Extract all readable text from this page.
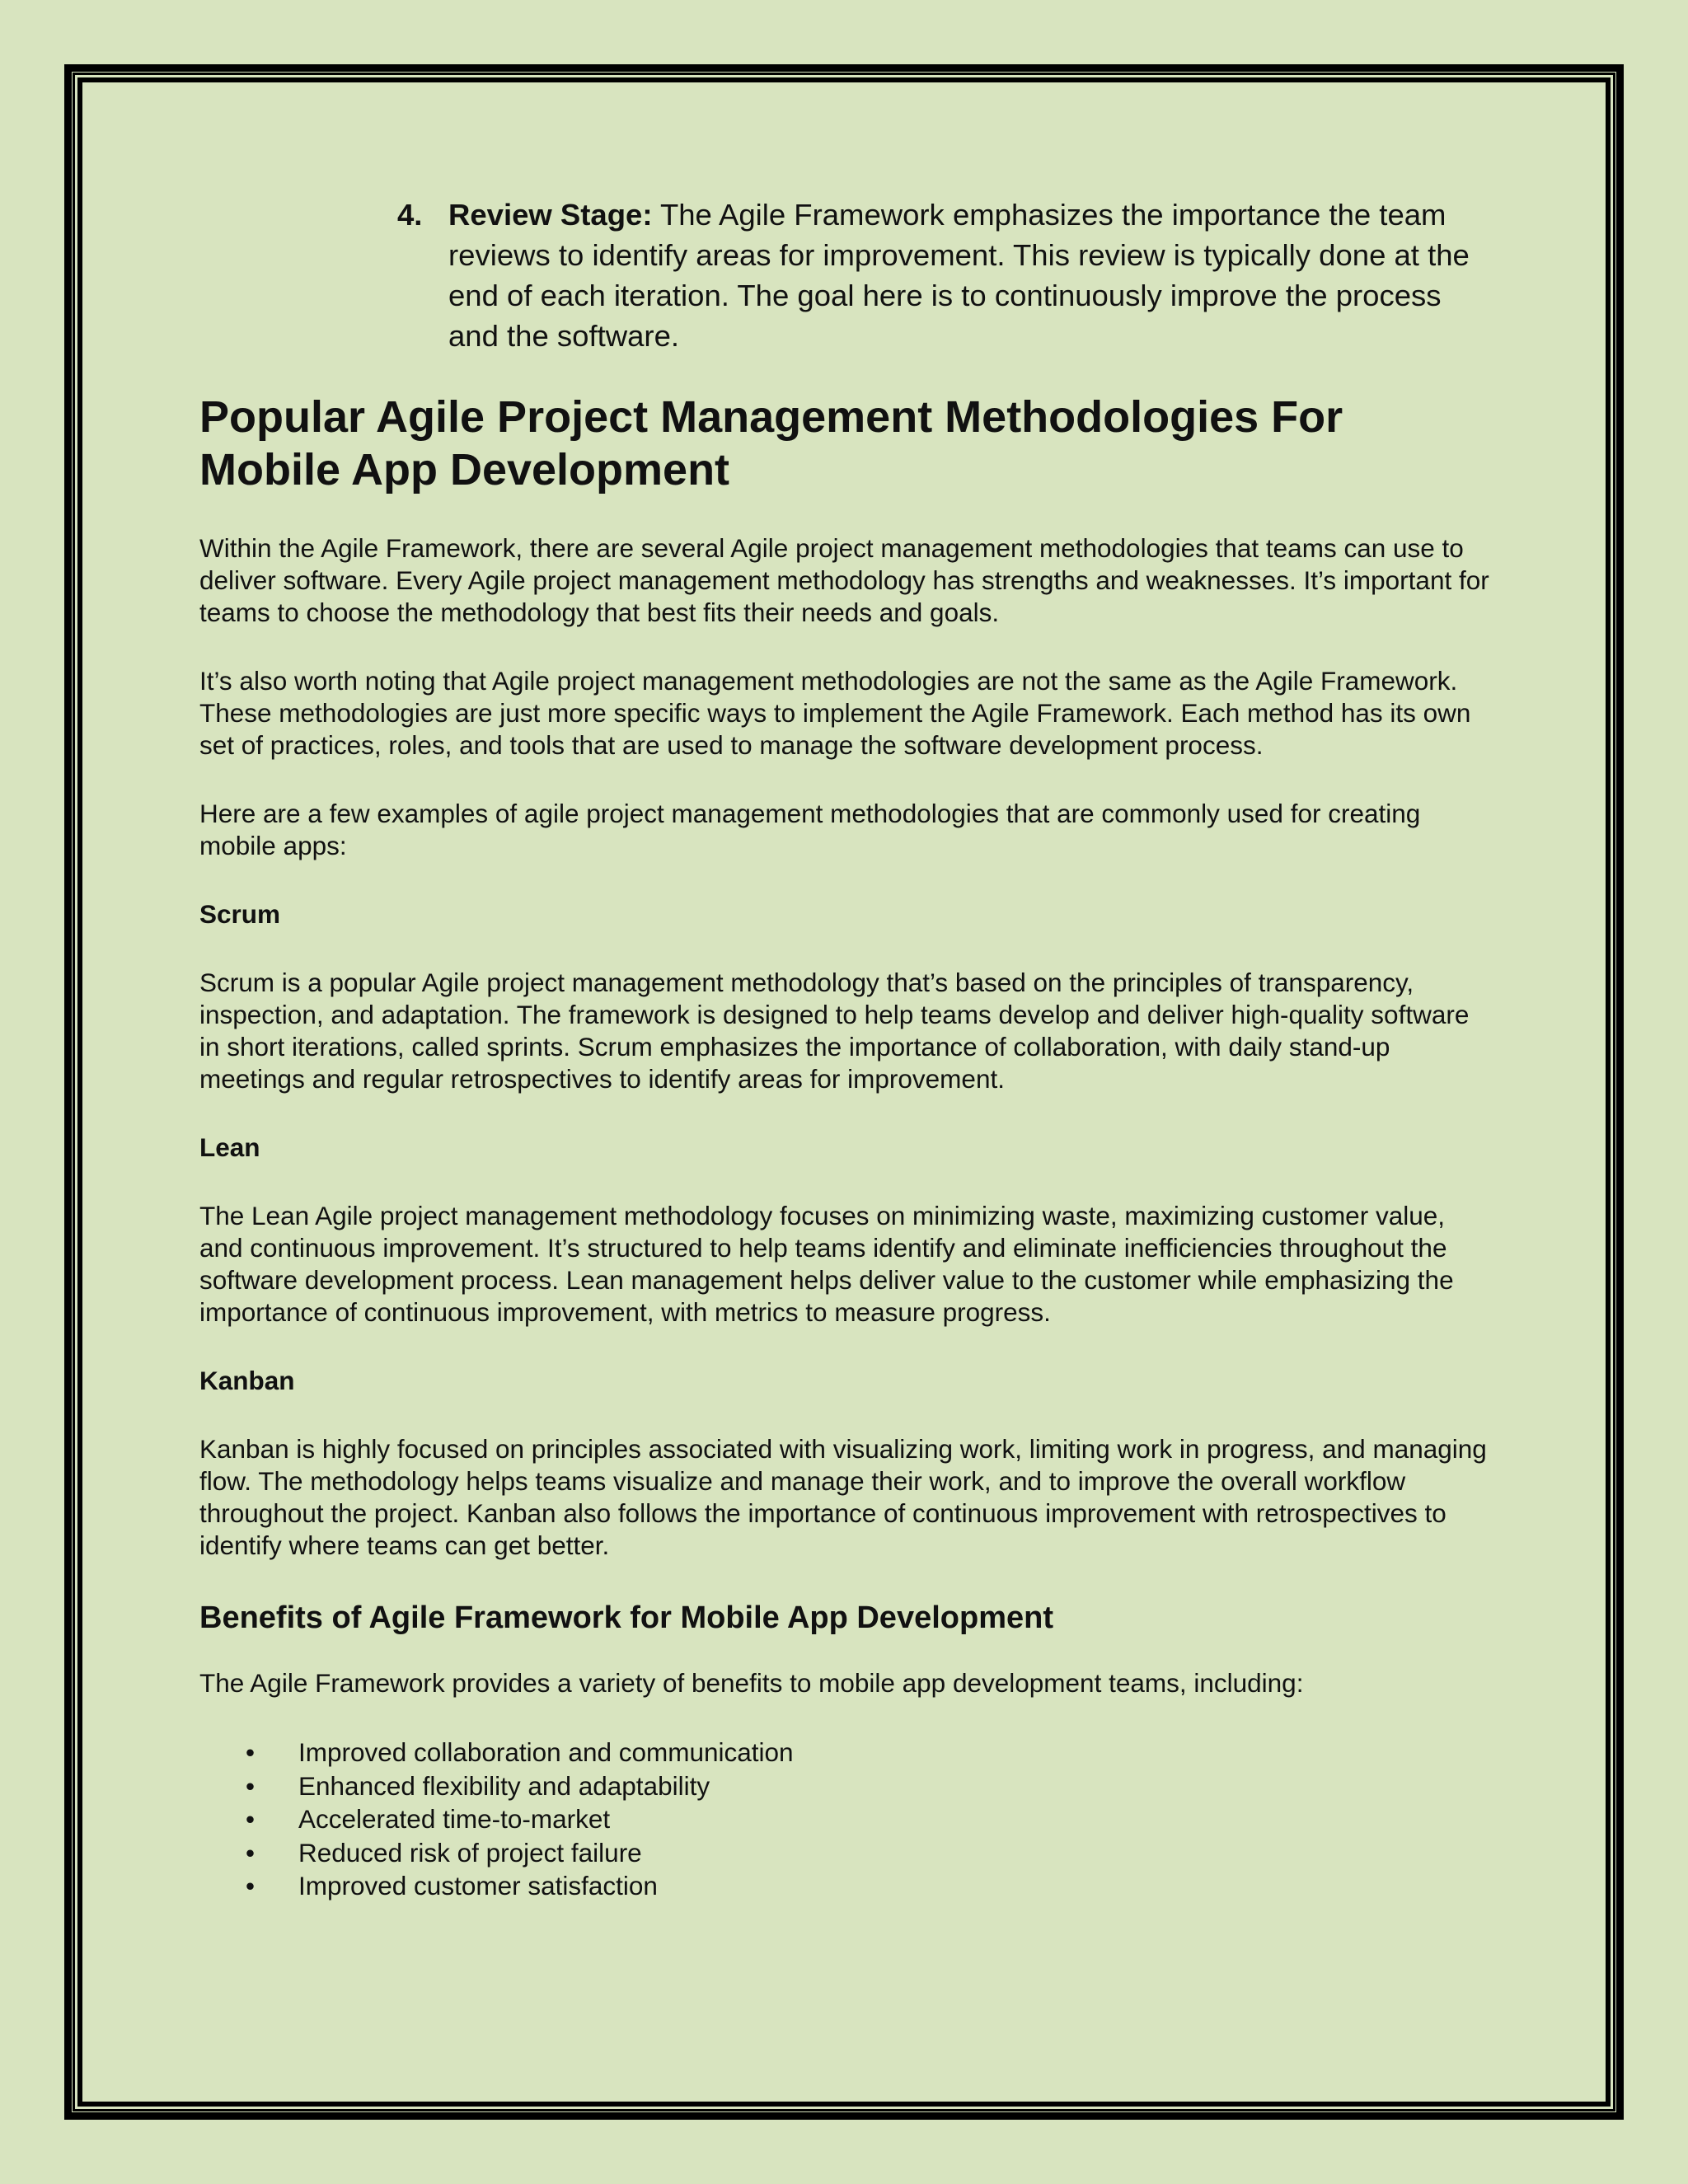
4. Review Stage: The Agile Framework emphasizes the importance the team reviews to identify areas for improvement. This review is typically done at the end of each iteration. The goal here is to continuously improve the process and the software.
Popular Agile Project Management Methodologies For Mobile App Development

Within the Agile Framework, there are several Agile project management methodologies that teams can use to deliver software. Every Agile project management methodology has strengths and weaknesses. It’s important for teams to choose the methodology that best fits their needs and goals.

It’s also worth noting that Agile project management methodologies are not the same as the Agile Framework. These methodologies are just more specific ways to implement the Agile Framework. Each method has its own set of practices, roles, and tools that are used to manage the software development process.

Here are a few examples of agile project management methodologies that are commonly used for creating mobile apps:

Scrum

Scrum is a popular Agile project management methodology that’s based on the principles of transparency, inspection, and adaptation. The framework is designed to help teams develop and deliver high-quality software in short iterations, called sprints. Scrum emphasizes the importance of collaboration, with daily stand-up meetings and regular retrospectives to identify areas for improvement.

Lean

The Lean Agile project management methodology focuses on minimizing waste, maximizing customer value, and continuous improvement. It’s structured to help teams identify and eliminate inefficiencies throughout the software development process. Lean management helps deliver value to the customer while emphasizing the importance of continuous improvement, with metrics to measure progress.

Kanban

Kanban is highly focused on principles associated with visualizing work, limiting work in progress, and managing flow. The methodology helps teams visualize and manage their work, and to improve the overall workflow throughout the project. Kanban also follows the importance of continuous improvement with retrospectives to identify where teams can get better.

Benefits of Agile Framework for Mobile App Development

The Agile Framework provides a variety of benefits to mobile app development teams, including:

• Improved collaboration and communication
• Enhanced flexibility and adaptability
• Accelerated time-to-market
• Reduced risk of project failure
• Improved customer satisfaction
